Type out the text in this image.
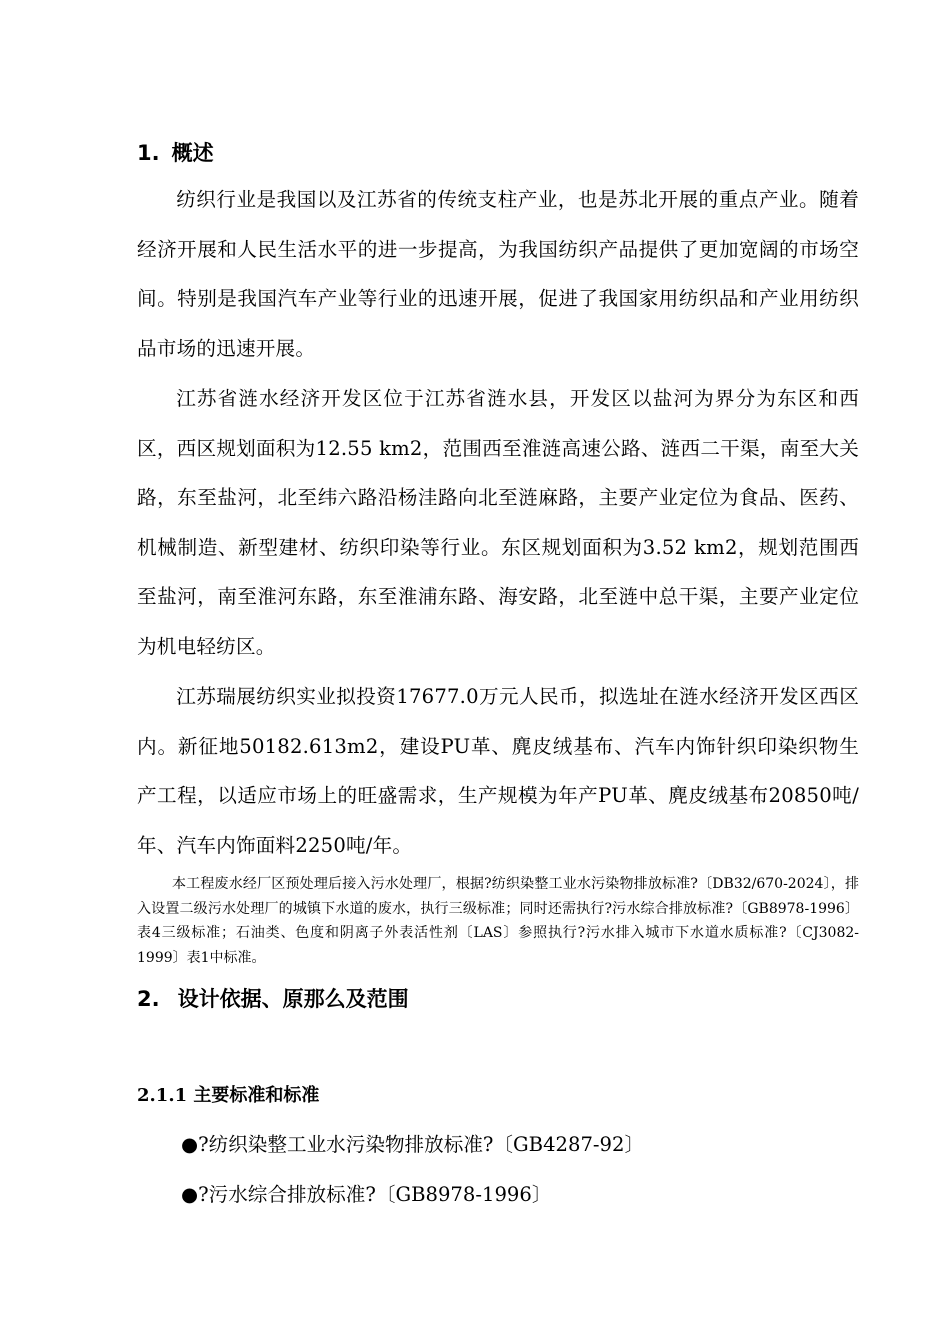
1. 概述

纺织行业是我国以及江苏省的传统支柱产业，也是苏北开展的重点产业。随着经济开展和人民生活水平的进一步提高，为我国纺织产品提供了更加宽阔的市场空间。特别是我国汽车产业等行业的迅速开展，促进了我国家用纺织品和产业用纺织品市场的迅速开展。

江苏省涟水经济开发区位于江苏省涟水县，开发区以盐河为界分为东区和西区，西区规划面积为12.55 km2，范围西至淮涟高速公路、涟西二干渠，南至大关路，东至盐河，北至纬六路沿杨洼路向北至涟麻路，主要产业定位为食品、医药、机械制造、新型建材、纺织印染等行业。东区规划面积为3.52 km2，规划范围西至盐河，南至淮河东路，东至淮浦东路、海安路，北至涟中总干渠，主要产业定位为机电轻纺区。

江苏瑞展纺织实业拟投资17677.0万元人民币，拟选址在涟水经济开发区西区内。新征地50182.613m2，建设PU革、麂皮绒基布、汽车内饰针织印染织物生产工程，以适应市场上的旺盛需求，生产规模为年产PU革、麂皮绒基布20850吨/年、汽车内饰面料2250吨/年。

本工程废水经厂区预处理后接入污水处理厂，根据?纺织染整工业水污染物排放标准?〔DB32/670-2024〕，排入设置二级污水处理厂的城镇下水道的废水，执行三级标准；同时还需执行?污水综合排放标准?〔GB8978-1996〕表4三级标准；石油类、色度和阴离子外表活性剂〔LAS〕参照执行?污水排入城市下水道水质标准?〔CJ3082-1999〕表1中标准。

2. 设计依据、原那么及范围
2.1.1 主要标准和标准
●?纺织染整工业水污染物排放标准?〔GB4287-92〕
●?污水综合排放标准?〔GB8978-1996〕
